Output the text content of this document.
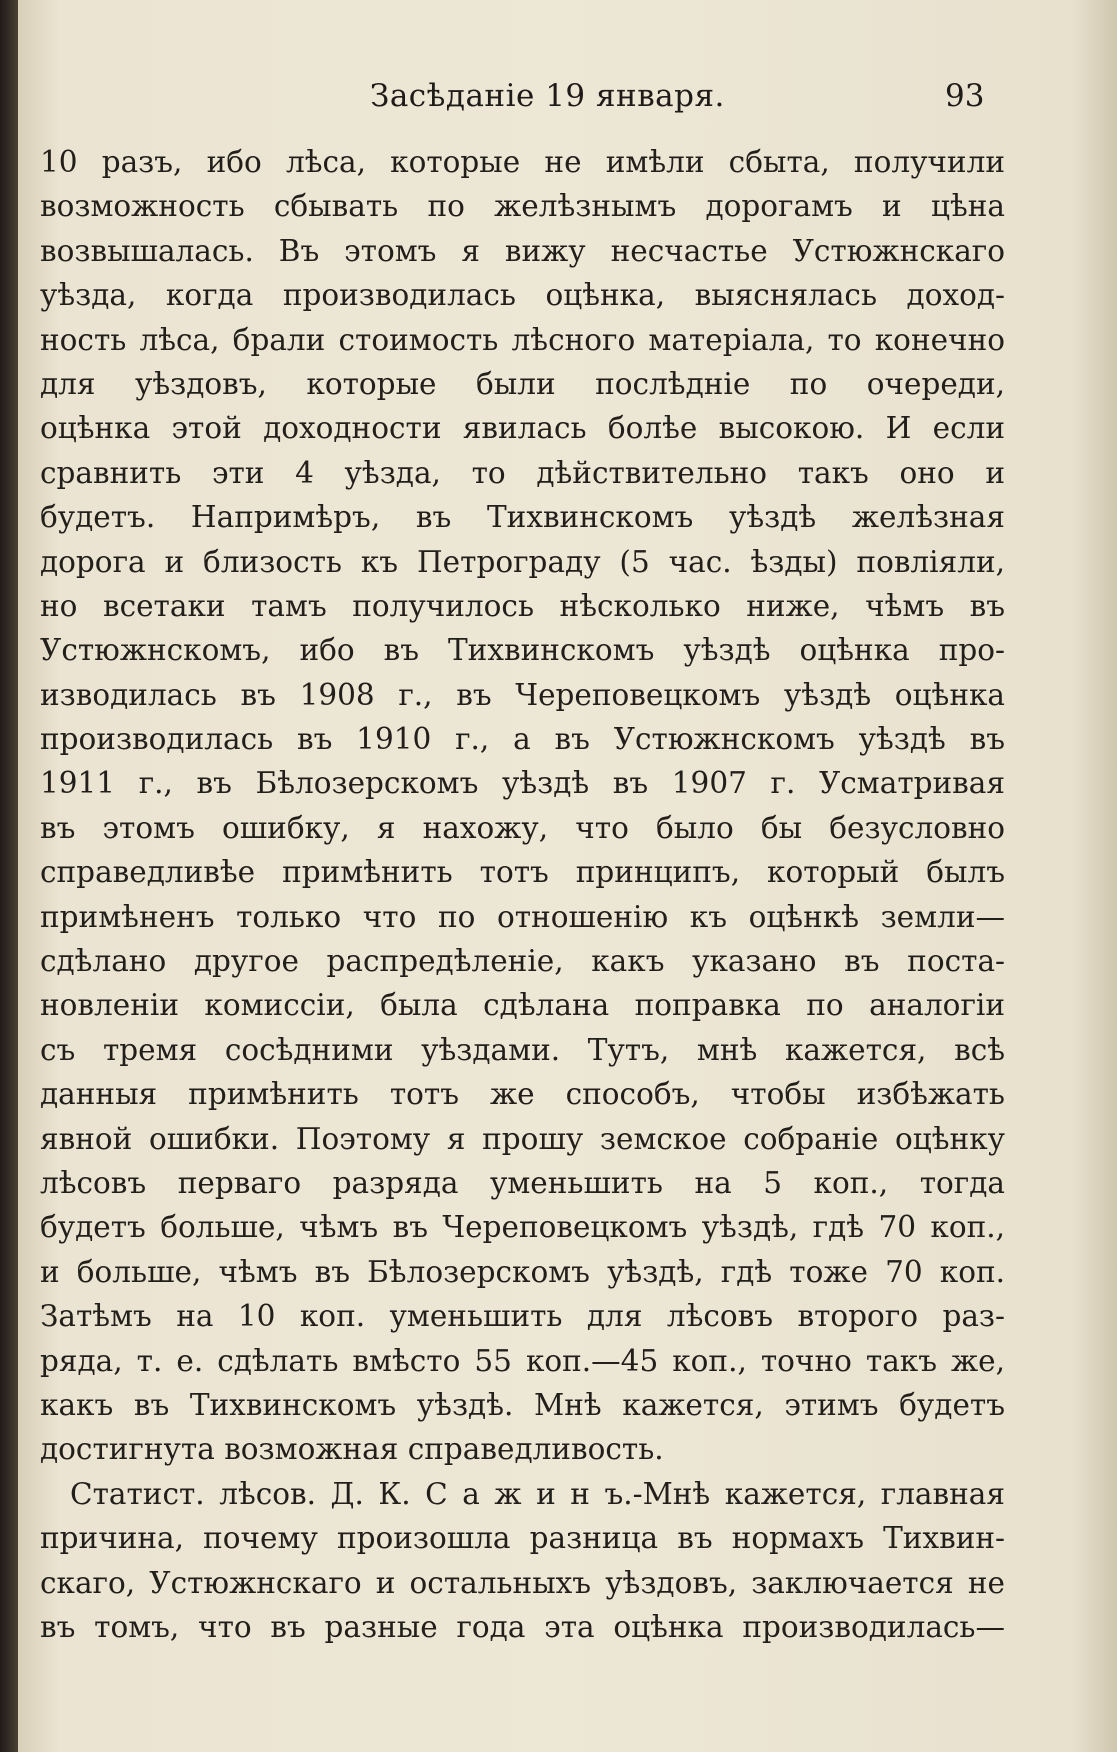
Засѣданіе 19 января.	93
10 разъ, ибо лѣса, которые не имѣли сбыта, получили
возможность сбывать по желѣзнымъ дорогамъ и цѣна
возвышалась. Въ этомъ я вижу несчастье Устюжнскаго
уѣзда, когда производилась оцѣнка, выяснялась доход-
ность лѣса, брали стоимость лѣсного матеріала, то конечно
для уѣздовъ, которые были послѣдніе по очереди,
оцѣнка этой доходности явилась болѣе высокою. И если
сравнить эти 4 уѣзда, то дѣйствительно такъ оно и
будетъ. Напримѣръ, въ Тихвинскомъ уѣздѣ желѣзная
дорога и близость къ Петрограду (5 час. ѣзды) повліяли,
но всетаки тамъ получилось нѣсколько ниже, чѣмъ въ
Устюжнскомъ, ибо въ Тихвинскомъ уѣздѣ оцѣнка про-
изводилась въ 1908 г., въ Череповецкомъ уѣздѣ оцѣнка
производилась въ 1910 г., а въ Устюжнскомъ уѣздѣ въ
1911 г., въ Бѣлозерскомъ уѣздѣ въ 1907 г. Усматривая
въ этомъ ошибку, я нахожу, что было бы безусловно
справедливѣе примѣнить тотъ принципъ, который былъ
примѣненъ только что по отношенію къ оцѣнкѣ земли—
сдѣлано другое распредѣленіе, какъ указано въ поста-
новленіи комиссіи, была сдѣлана поправка по аналогіи
съ тремя сосѣдними уѣздами. Тутъ, мнѣ кажется, всѣ
данныя примѣнить тотъ же способъ, чтобы избѣжать
явной ошибки. Поэтому я прошу земское собраніе оцѣнку
лѣсовъ перваго разряда уменьшить на 5 коп., тогда
будетъ больше, чѣмъ въ Череповецкомъ уѣздѣ, гдѣ 70 коп.,
и больше, чѣмъ въ Бѣлозерскомъ уѣздѣ, гдѣ тоже 70 коп.
Затѣмъ на 10 коп. уменьшить для лѣсовъ второго раз-
ряда, т. е. сдѣлать вмѣсто 55 коп.—45 коп., точно такъ же,
какъ въ Тихвинскомъ уѣздѣ. Мнѣ кажется, этимъ будетъ
достигнута возможная справедливость.
Статист. лѣсов. Д. К. С а ж и н ъ.-Мнѣ кажется, главная
причина, почему произошла разница въ нормахъ Тихвин-
скаго, Устюжнскаго и остальныхъ уѣздовъ, заключается не
въ томъ, что въ разные года эта оцѣнка производилась—
